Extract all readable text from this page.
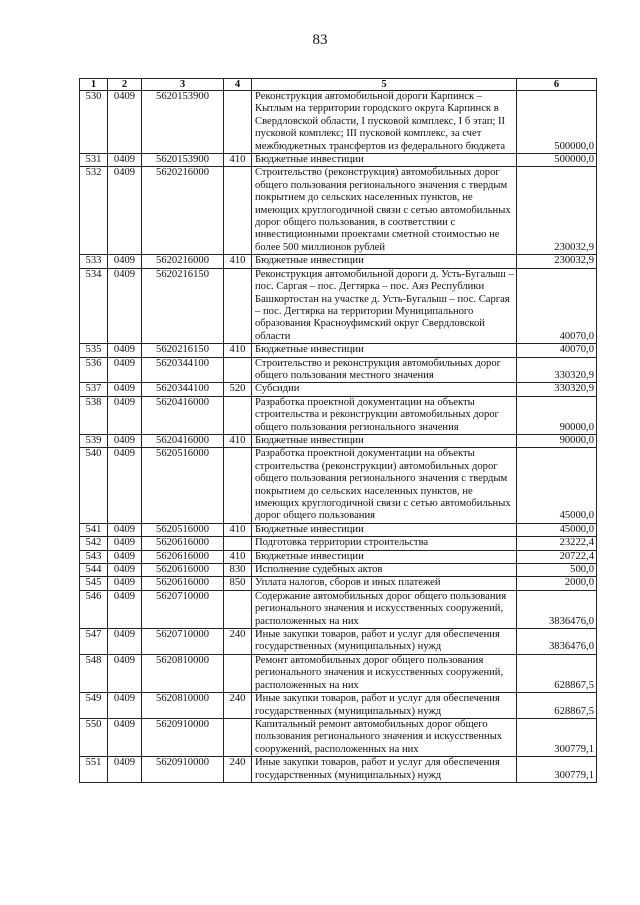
83
1	2	3	4	5	6
530	0409	5620153900		Реконструкция автомобильной дороги Карпинск – Кытлым на территории городского округа Карпинск в Свердловской области, I пусковой комплекс, I б этап; II пусковой комплекс; III пусковой комплекс, за счет межбюджетных трансфертов из федерального бюджета	500000,0
531	0409	5620153900	410	Бюджетные инвестиции	500000,0
532	0409	5620216000		Строительство (реконструкция) автомобильных дорог общего пользования регионального значения с твердым покрытием до сельских населенных пунктов, не имеющих круглогодичной связи с сетью автомобильных дорог общего пользования, в соответствии с инвестиционными проектами сметной стоимостью не более 500 миллионов рублей	230032,9
533	0409	5620216000	410	Бюджетные инвестиции	230032,9
534	0409	5620216150		Реконструкция автомобильной дороги д. Усть-Бугалыш – пос. Саргая – пос. Дегтярка – пос. Аяз Республики Башкортостан на участке д. Усть-Бугалыш – пос. Саргая – пос. Дегтярка на территории Муниципального образования Красноуфимский округ Свердловской области	40070,0
535	0409	5620216150	410	Бюджетные инвестиции	40070,0
536	0409	5620344100		Строительство и реконструкция автомобильных дорог общего пользования местного значения	330320,9
537	0409	5620344100	520	Субсидии	330320,9
538	0409	5620416000		Разработка проектной документации на объекты строительства и реконструкции автомобильных дорог общего пользования регионального значения	90000,0
539	0409	5620416000	410	Бюджетные инвестиции	90000,0
540	0409	5620516000		Разработка проектной документации на объекты строительства (реконструкции) автомобильных дорог общего пользования регионального значения с твердым покрытием до сельских населенных пунктов, не имеющих круглогодичной связи с сетью автомобильных дорог общего пользования	45000,0
541	0409	5620516000	410	Бюджетные инвестиции	45000,0
542	0409	5620616000		Подготовка территории строительства	23222,4
543	0409	5620616000	410	Бюджетные инвестиции	20722,4
544	0409	5620616000	830	Исполнение судебных актов	500,0
545	0409	5620616000	850	Уплата налогов, сборов и иных платежей	2000,0
546	0409	5620710000		Содержание автомобильных дорог общего пользования регионального значения и искусственных сооружений, расположенных на них	3836476,0
547	0409	5620710000	240	Иные закупки товаров, работ и услуг для обеспечения государственных (муниципальных) нужд	3836476,0
548	0409	5620810000		Ремонт автомобильных дорог общего пользования регионального значения и искусственных сооружений, расположенных на них	628867,5
549	0409	5620810000	240	Иные закупки товаров, работ и услуг для обеспечения государственных (муниципальных) нужд	628867,5
550	0409	5620910000		Капитальный ремонт автомобильных дорог общего пользования регионального значения и искусственных сооружений, расположенных на них	300779,1
551	0409	5620910000	240	Иные закупки товаров, работ и услуг для обеспечения государственных (муниципальных) нужд	300779,1
